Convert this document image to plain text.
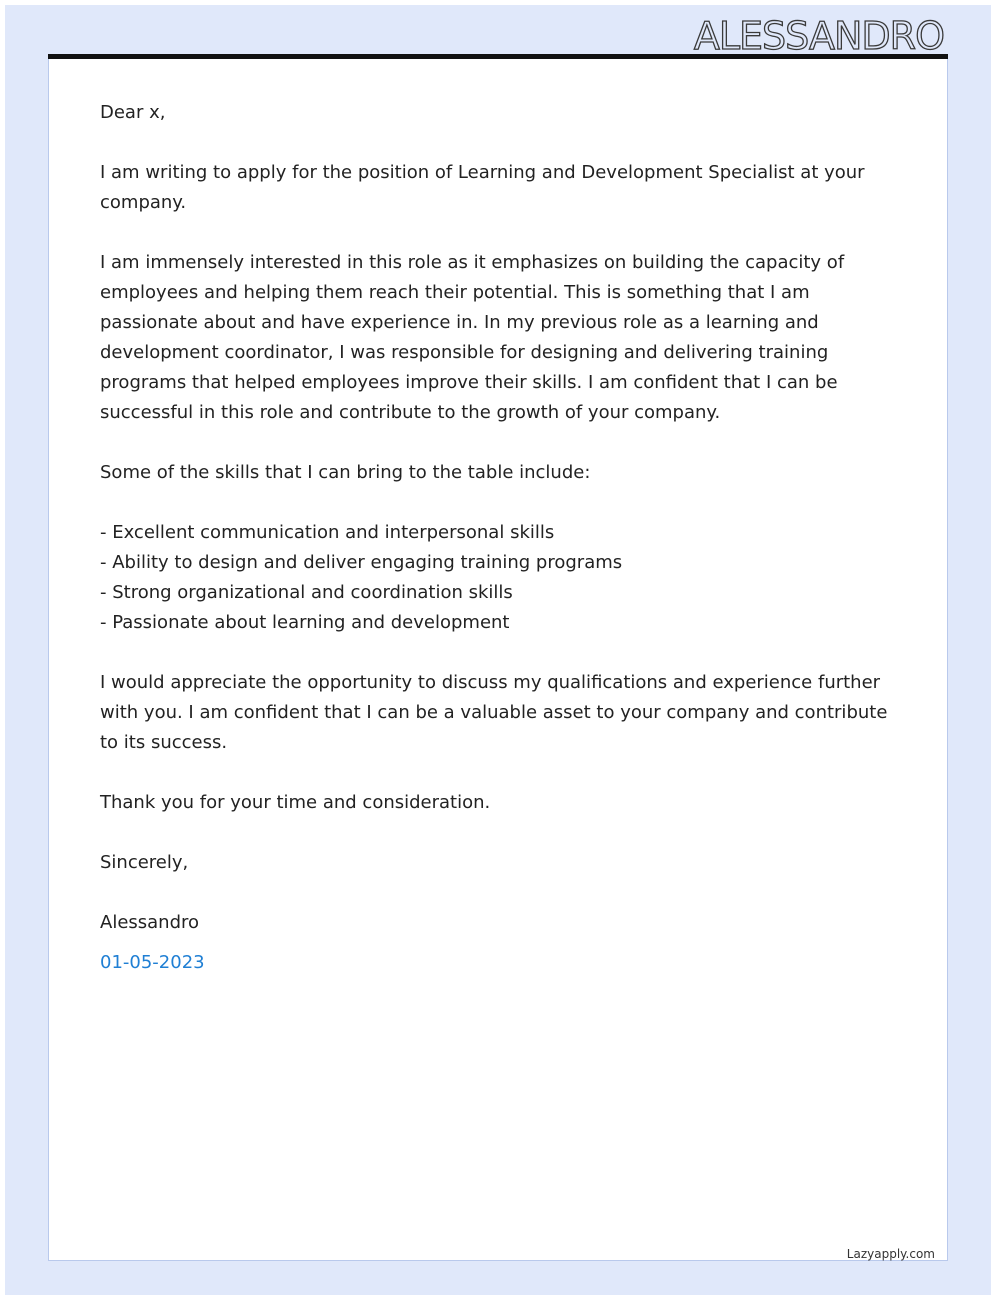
ALESSANDRO

Dear x,

I am writing to apply for the position of Learning and Development Specialist at your company.

I am immensely interested in this role as it emphasizes on building the capacity of employees and helping them reach their potential. This is something that I am passionate about and have experience in. In my previous role as a learning and development coordinator, I was responsible for designing and delivering training programs that helped employees improve their skills. I am confident that I can be successful in this role and contribute to the growth of your company.

Some of the skills that I can bring to the table include:

- Excellent communication and interpersonal skills
- Ability to design and deliver engaging training programs
- Strong organizational and coordination skills
- Passionate about learning and development

I would appreciate the opportunity to discuss my qualifications and experience further with you. I am confident that I can be a valuable asset to your company and contribute to its success.

Thank you for your time and consideration.

Sincerely,

Alessandro

01-05-2023

Lazyapply.com
